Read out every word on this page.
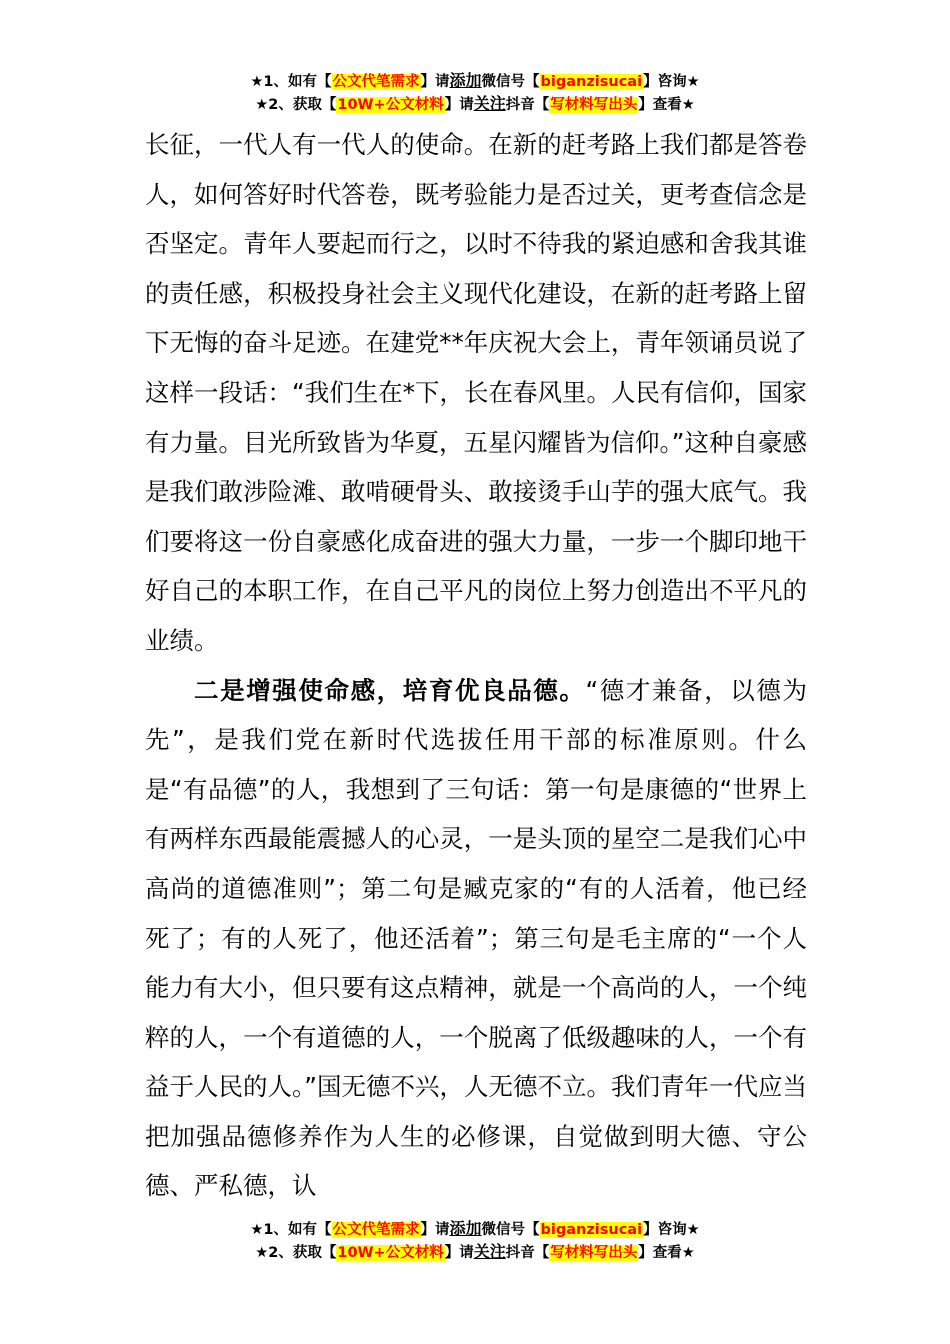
★1、如有【公文代笔需求】请添加微信号【biganzisucai】咨询★
★2、获取【10W+公文材料】请关注抖音【写材料写出头】查看★

长征，一代人有一代人的使命。在新的赶考路上我们都是答卷人，如何答好时代答卷，既考验能力是否过关，更考查信念是否坚定。青年人要起而行之，以时不待我的紧迫感和舍我其谁的责任感，积极投身社会主义现代化建设，在新的赶考路上留下无悔的奋斗足迹。在建党**年庆祝大会上，青年领诵员说了这样一段话：“我们生在*下，长在春风里。人民有信仰，国家有力量。目光所致皆为华夏，五星闪耀皆为信仰。”这种自豪感是我们敢涉险滩、敢啃硬骨头、敢接烫手山芋的强大底气。我们要将这一份自豪感化成奋进的强大力量，一步一个脚印地干好自己的本职工作，在自己平凡的岗位上努力创造出不平凡的业绩。

二是增强使命感，培育优良品德。“德才兼备，以德为先”，是我们党在新时代选拔任用干部的标准原则。什么是“有品德”的人，我想到了三句话：第一句是康德的“世界上有两样东西最能震撼人的心灵，一是头顶的星空二是我们心中高尚的道德准则”；第二句是臧克家的“有的人活着，他已经死了；有的人死了，他还活着”；第三句是毛主席的“一个人能力有大小，但只要有这点精神，就是一个高尚的人，一个纯粹的人，一个有道德的人，一个脱离了低级趣味的人，一个有益于人民的人。”国无德不兴，人无德不立。我们青年一代应当把加强品德修养作为人生的必修课，自觉做到明大德、守公德、严私德，认

★1、如有【公文代笔需求】请添加微信号【biganzisucai】咨询★
★2、获取【10W+公文材料】请关注抖音【写材料写出头】查看★
